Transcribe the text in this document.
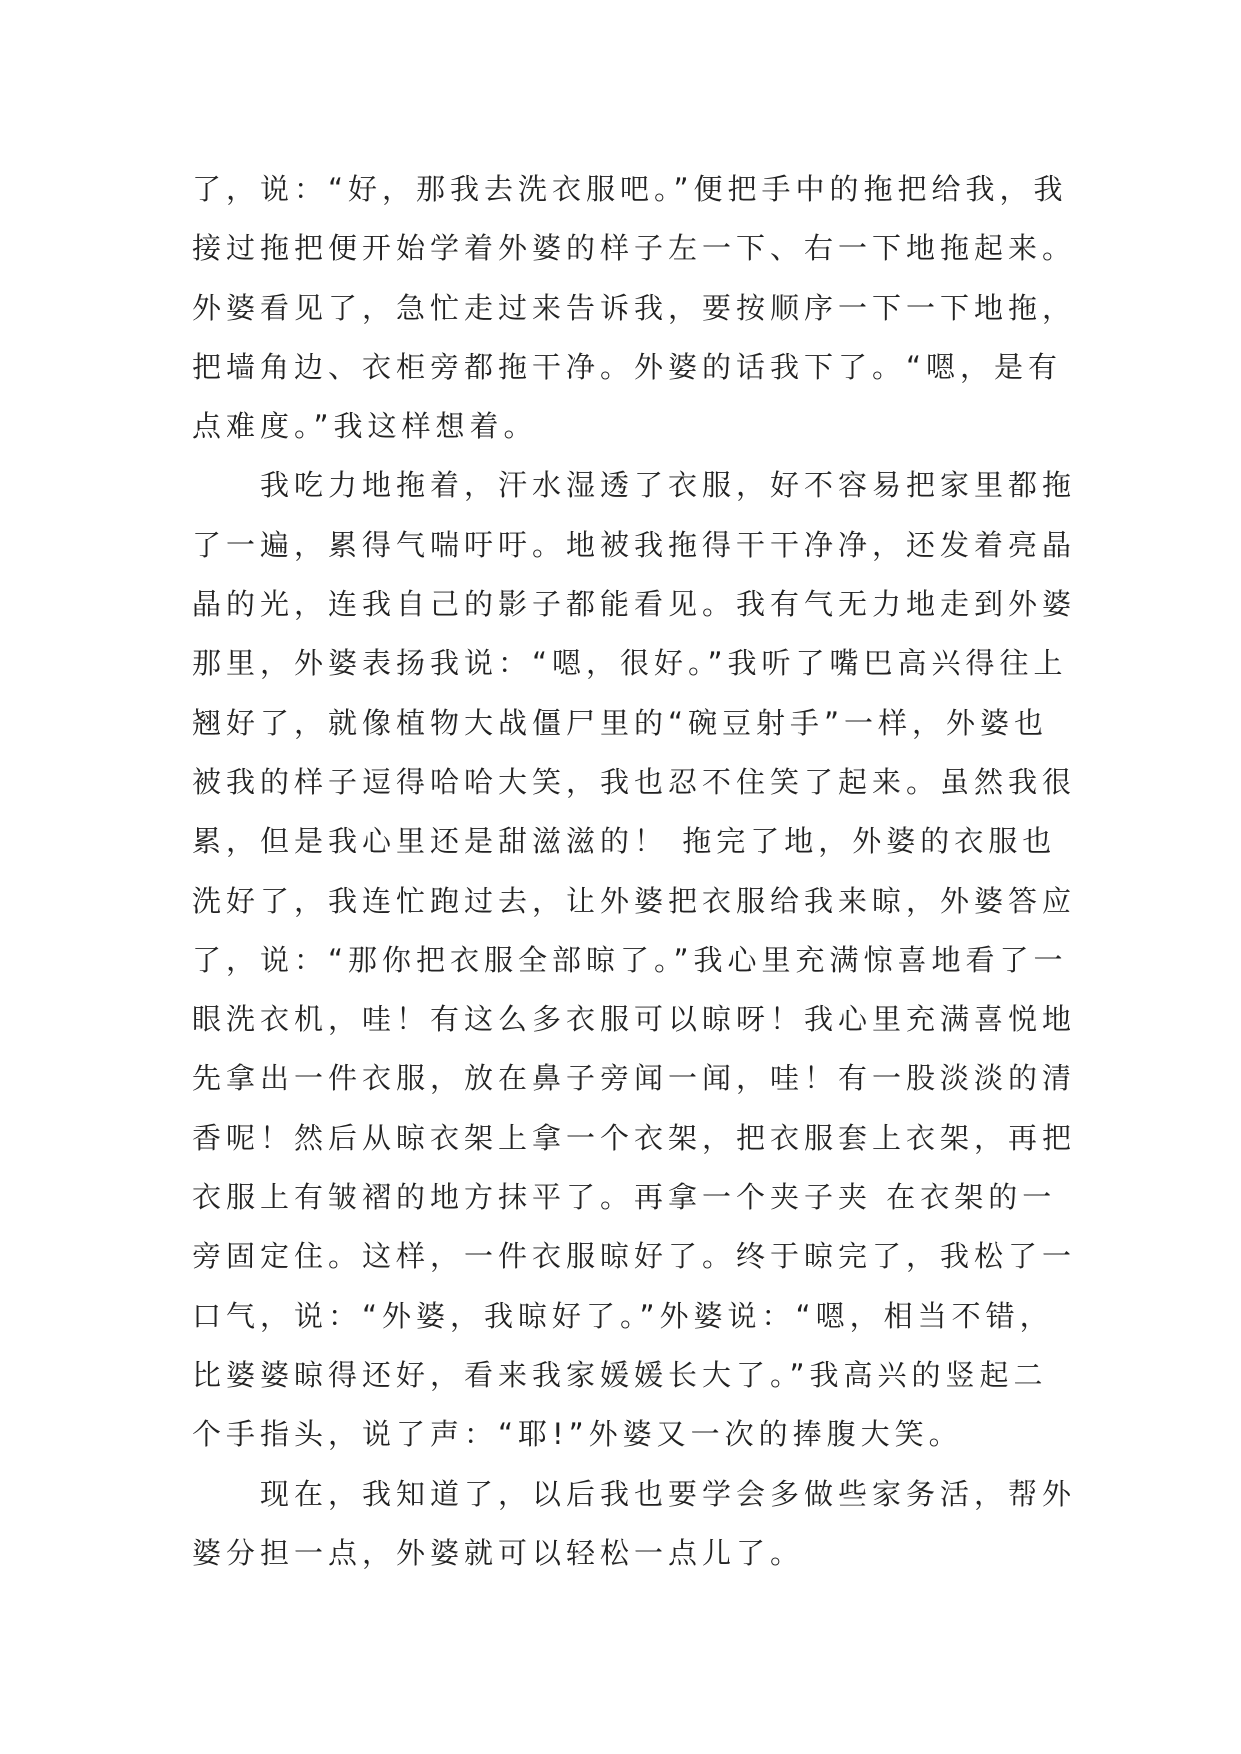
了，说：“好，那我去洗衣服吧。”便把手中的拖把给我，我
接过拖把便开始学着外婆的样子左一下、右一下地拖起来。
外婆看见了，急忙走过来告诉我，要按顺序一下一下地拖，
把墙角边、衣柜旁都拖干净。外婆的话我下了。“嗯，是有
点难度。”我这样想着。
我吃力地拖着，汗水湿透了衣服，好不容易把家里都拖
了一遍，累得气喘吁吁。地被我拖得干干净净，还发着亮晶
晶的光，连我自己的影子都能看见。我有气无力地走到外婆
那里，外婆表扬我说：“嗯，很好。”我听了嘴巴高兴得往上
翘好了，就像植物大战僵尸里的“碗豆射手”一样，外婆也
被我的样子逗得哈哈大笑，我也忍不住笑了起来。虽然我很
累，但是我心里还是甜滋滋的！ 拖完了地，外婆的衣服也
洗好了，我连忙跑过去，让外婆把衣服给我来晾，外婆答应
了，说：“那你把衣服全部晾了。”我心里充满惊喜地看了一
眼洗衣机，哇！有这么多衣服可以晾呀！我心里充满喜悦地
先拿出一件衣服，放在鼻子旁闻一闻，哇！有一股淡淡的清
香呢！然后从晾衣架上拿一个衣架，把衣服套上衣架，再把
衣服上有皱褶的地方抹平了。再拿一个夹子夹 在衣架的一
旁固定住。这样，一件衣服晾好了。终于晾完了，我松了一
口气，说：“外婆，我晾好了。”外婆说：“嗯，相当不错，
比婆婆晾得还好，看来我家媛媛长大了。”我高兴的竖起二
个手指头，说了声：“耶!”外婆又一次的捧腹大笑。
现在，我知道了，以后我也要学会多做些家务活，帮外
婆分担一点，外婆就可以轻松一点儿了。
